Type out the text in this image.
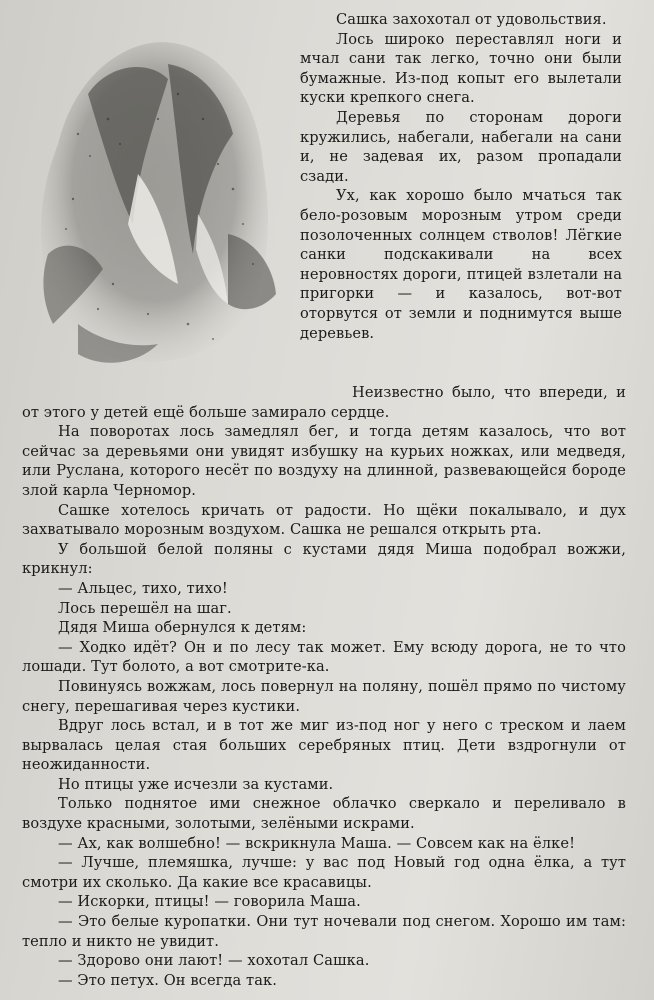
Сашка захохотал от удовольствия.

Лось широко переставлял ноги и мчал сани так легко, точно они были бумажные. Из-под копыт его вылетали куски крепкого снега.

Деревья по сторонам дороги кружились, набегали, набегали на сани и, не задевая их, разом пропадали сзади.

Ух, как хорошо было мчаться так бело-розовым морозным утром среди позолоченных солнцем стволов! Лёгкие санки подскакивали на всех неровностях дороги, птицей взлетали на пригорки — и казалось, вот-вот оторвутся от земли и поднимутся выше деревьев.

Неизвестно было, что впереди, и от этого у детей ещё больше замирало сердце.

На поворотах лось замедлял бег, и тогда детям казалось, что вот сейчас за деревьями они увидят избушку на курьих ножках, или медведя, или Руслана, которого несёт по воздуху на длинной, развевающейся бороде злой карла Черномор.

Сашке хотелось кричать от радости. Но щёки покалывало, и дух захватывало морозным воздухом. Сашка не решался открыть рта.

У большой белой поляны с кустами дядя Миша подобрал вожжи, крикнул:

— Альцес, тихо, тихо!

Лось перешёл на шаг.

Дядя Миша обернулся к детям:

— Ходко идёт? Он и по лесу так может. Ему всюду дорога, не то что лошади. Тут болото, а вот смотрите-ка.

Повинуясь вожжам, лось повернул на поляну, пошёл прямо по чистому снегу, перешагивая через кустики.

Вдруг лось встал, и в тот же миг из-под ног у него с треском и лаем вырвалась целая стая больших серебряных птиц. Дети вздрогнули от неожиданности.

Но птицы уже исчезли за кустами.

Только поднятое ими снежное облачко сверкало и переливало в воздухе красными, золотыми, зелёными искрами.

— Ах, как волшебно! — вскрикнула Маша. — Совсем как на ёлке!

— Лучше, племяшка, лучше: у вас под Новый год одна ёлка, а тут смотри их сколько. Да какие все красавицы.

— Искорки, птицы! — говорила Маша.

— Это белые куропатки. Они тут ночевали под снегом. Хорошо им там: тепло и никто не увидит.

— Здорово они лают! — хохотал Сашка.

— Это петух. Он всегда так.
